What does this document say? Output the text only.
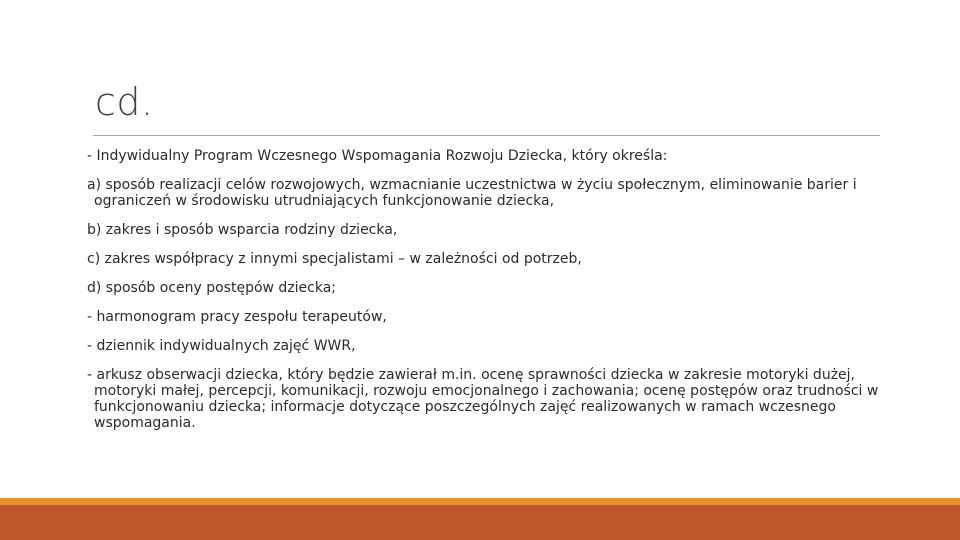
cd.

- Indywidualny Program Wczesnego Wspomagania Rozwoju Dziecka, który określa:

a) sposób realizacji celów rozwojowych, wzmacnianie uczestnictwa w życiu społecznym, eliminowanie barier i ograniczeń w środowisku utrudniających funkcjonowanie dziecka,

b) zakres i sposób wsparcia rodziny dziecka,

c) zakres współpracy z innymi specjalistami – w zależności od potrzeb,

d) sposób oceny postępów dziecka;

- harmonogram pracy zespołu terapeutów,

- dziennik indywidualnych zajęć WWR,

- arkusz obserwacji dziecka, który będzie zawierał m.in. ocenę sprawności dziecka w zakresie motoryki dużej, motoryki małej, percepcji, komunikacji, rozwoju emocjonalnego i zachowania; ocenę postępów oraz trudności w funkcjonowaniu dziecka; informacje dotyczące poszczególnych zajęć realizowanych w ramach wczesnego wspomagania.
